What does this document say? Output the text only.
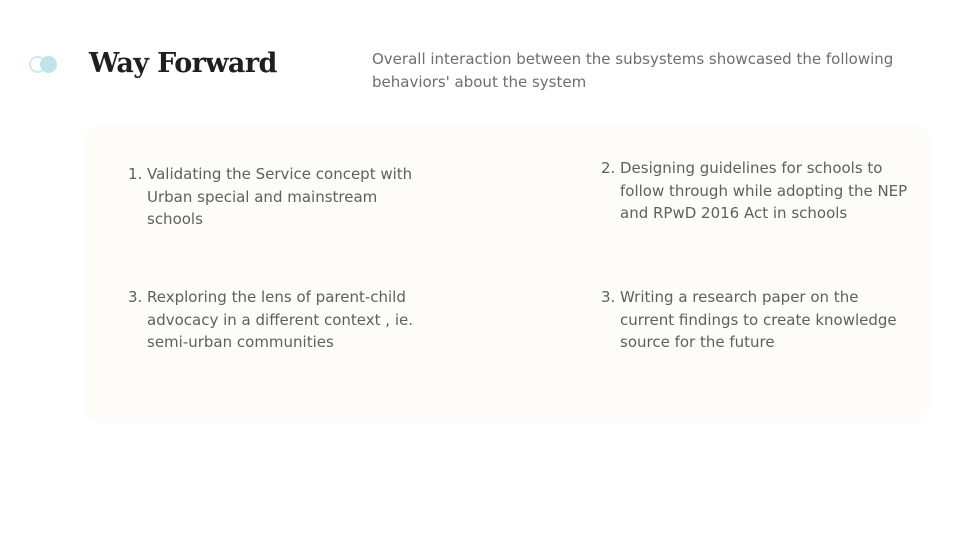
Way Forward	Overall interaction between the subsystems showcased the following behaviors' about the system

1. Validating the Service concept with Urban special and mainstream schools
2. Designing guidelines for schools to follow through while adopting the NEP and RPwD 2016 Act in schools
3. Rexploring the lens of parent-child advocacy in a different context , ie. semi-urban communities
3. Writing a research paper on the current findings to create knowledge source for the future
